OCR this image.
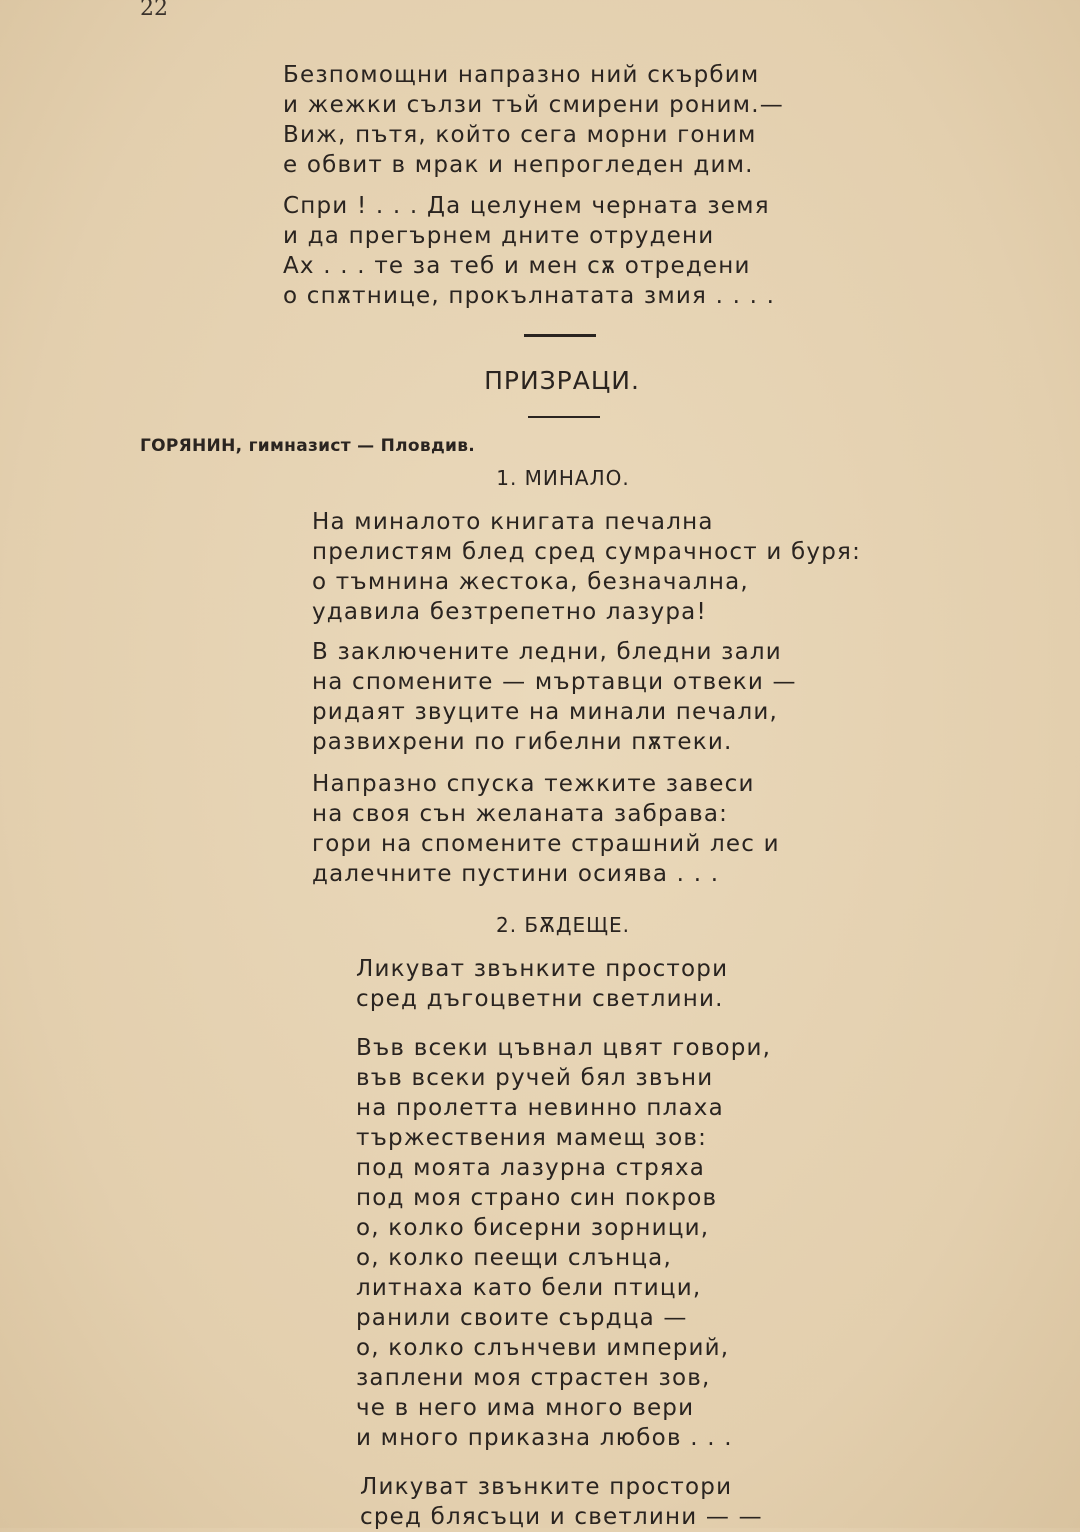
22
Безпомощни напразно ний скърбим
и жежки сълзи тъй смирени роним.—
Виж, пътя, който сега морни гоним
е обвит в мрак и непрогледен дим.
Спри ! . . . Да целунем черната земя
и да прегърнем дните отрудени
Ах . . . те за теб и мен сѫ отредени
о спѫтнице, прокълнатата змия . . . .
ПРИЗРАЦИ.
ГОРЯНИН, гимназист — Пловдив.
1. МИНАЛО.
На миналото книгата печална
прелистям блед сред сумрачност и буря:
о тъмнина жестока, безначална,
удавила безтрепетно лазура!
В заключените ледни, бледни зали
на спомените — мъртавци отвеки —
ридаят звуците на минали печали,
развихрени по гибелни пѫтеки.
Напразно спуска тежките завеси
на своя сън желаната забрава:
гори на спомените страшний лес и
далечните пустини осиява . . .
2. БѪДЕЩЕ.
Ликуват звънките простори
сред дъгоцветни светлини.
Във всеки цъвнал цвят говори,
във всеки ручей бял звъни
на пролетта невинно плаха
тържествения мамещ зов:
под моята лазурна стряха
под моя страно син покров
о, колко бисерни зорници,
о, колко пеещи слънца,
литнаха като бели птици,
ранили своите сърдца —
о, колко слънчеви империй,
заплени моя страстен зов,
че в него има много вери
и много приказна любов . . .
Ликуват звънките простори
сред блясъци и светлини — —
